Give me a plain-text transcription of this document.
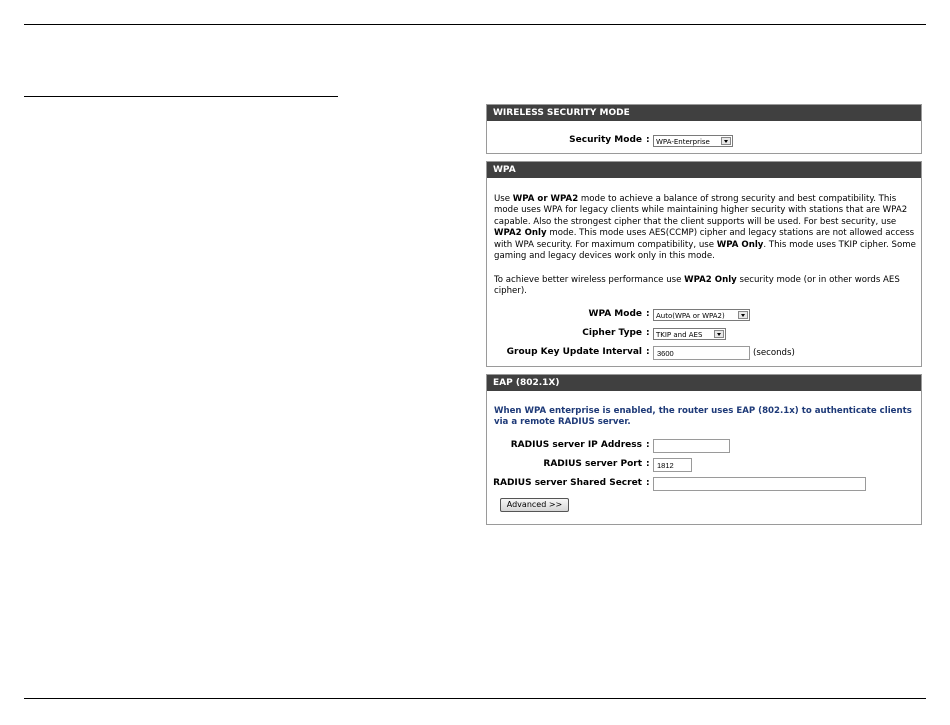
WIRELESS SECURITY MODE
Security Mode : WPA-Enterprise
WPA
Use WPA or WPA2 mode to achieve a balance of strong security and best compatibility. This mode uses WPA for legacy clients while maintaining higher security with stations that are WPA2 capable. Also the strongest cipher that the client supports will be used. For best security, use WPA2 Only mode. This mode uses AES(CCMP) cipher and legacy stations are not allowed access with WPA security. For maximum compatibility, use WPA Only. This mode uses TKIP cipher. Some gaming and legacy devices work only in this mode.
To achieve better wireless performance use WPA2 Only security mode (or in other words AES cipher).
WPA Mode : Auto(WPA or WPA2)
Cipher Type : TKIP and AES
Group Key Update Interval :
3600	(seconds)
EAP (802.1X)
When WPA enterprise is enabled, the router uses EAP (802.1x) to authenticate clients via a remote RADIUS server.
RADIUS server IP Address :
RADIUS server Port :
1812
RADIUS server Shared Secret :
Advanced >>
